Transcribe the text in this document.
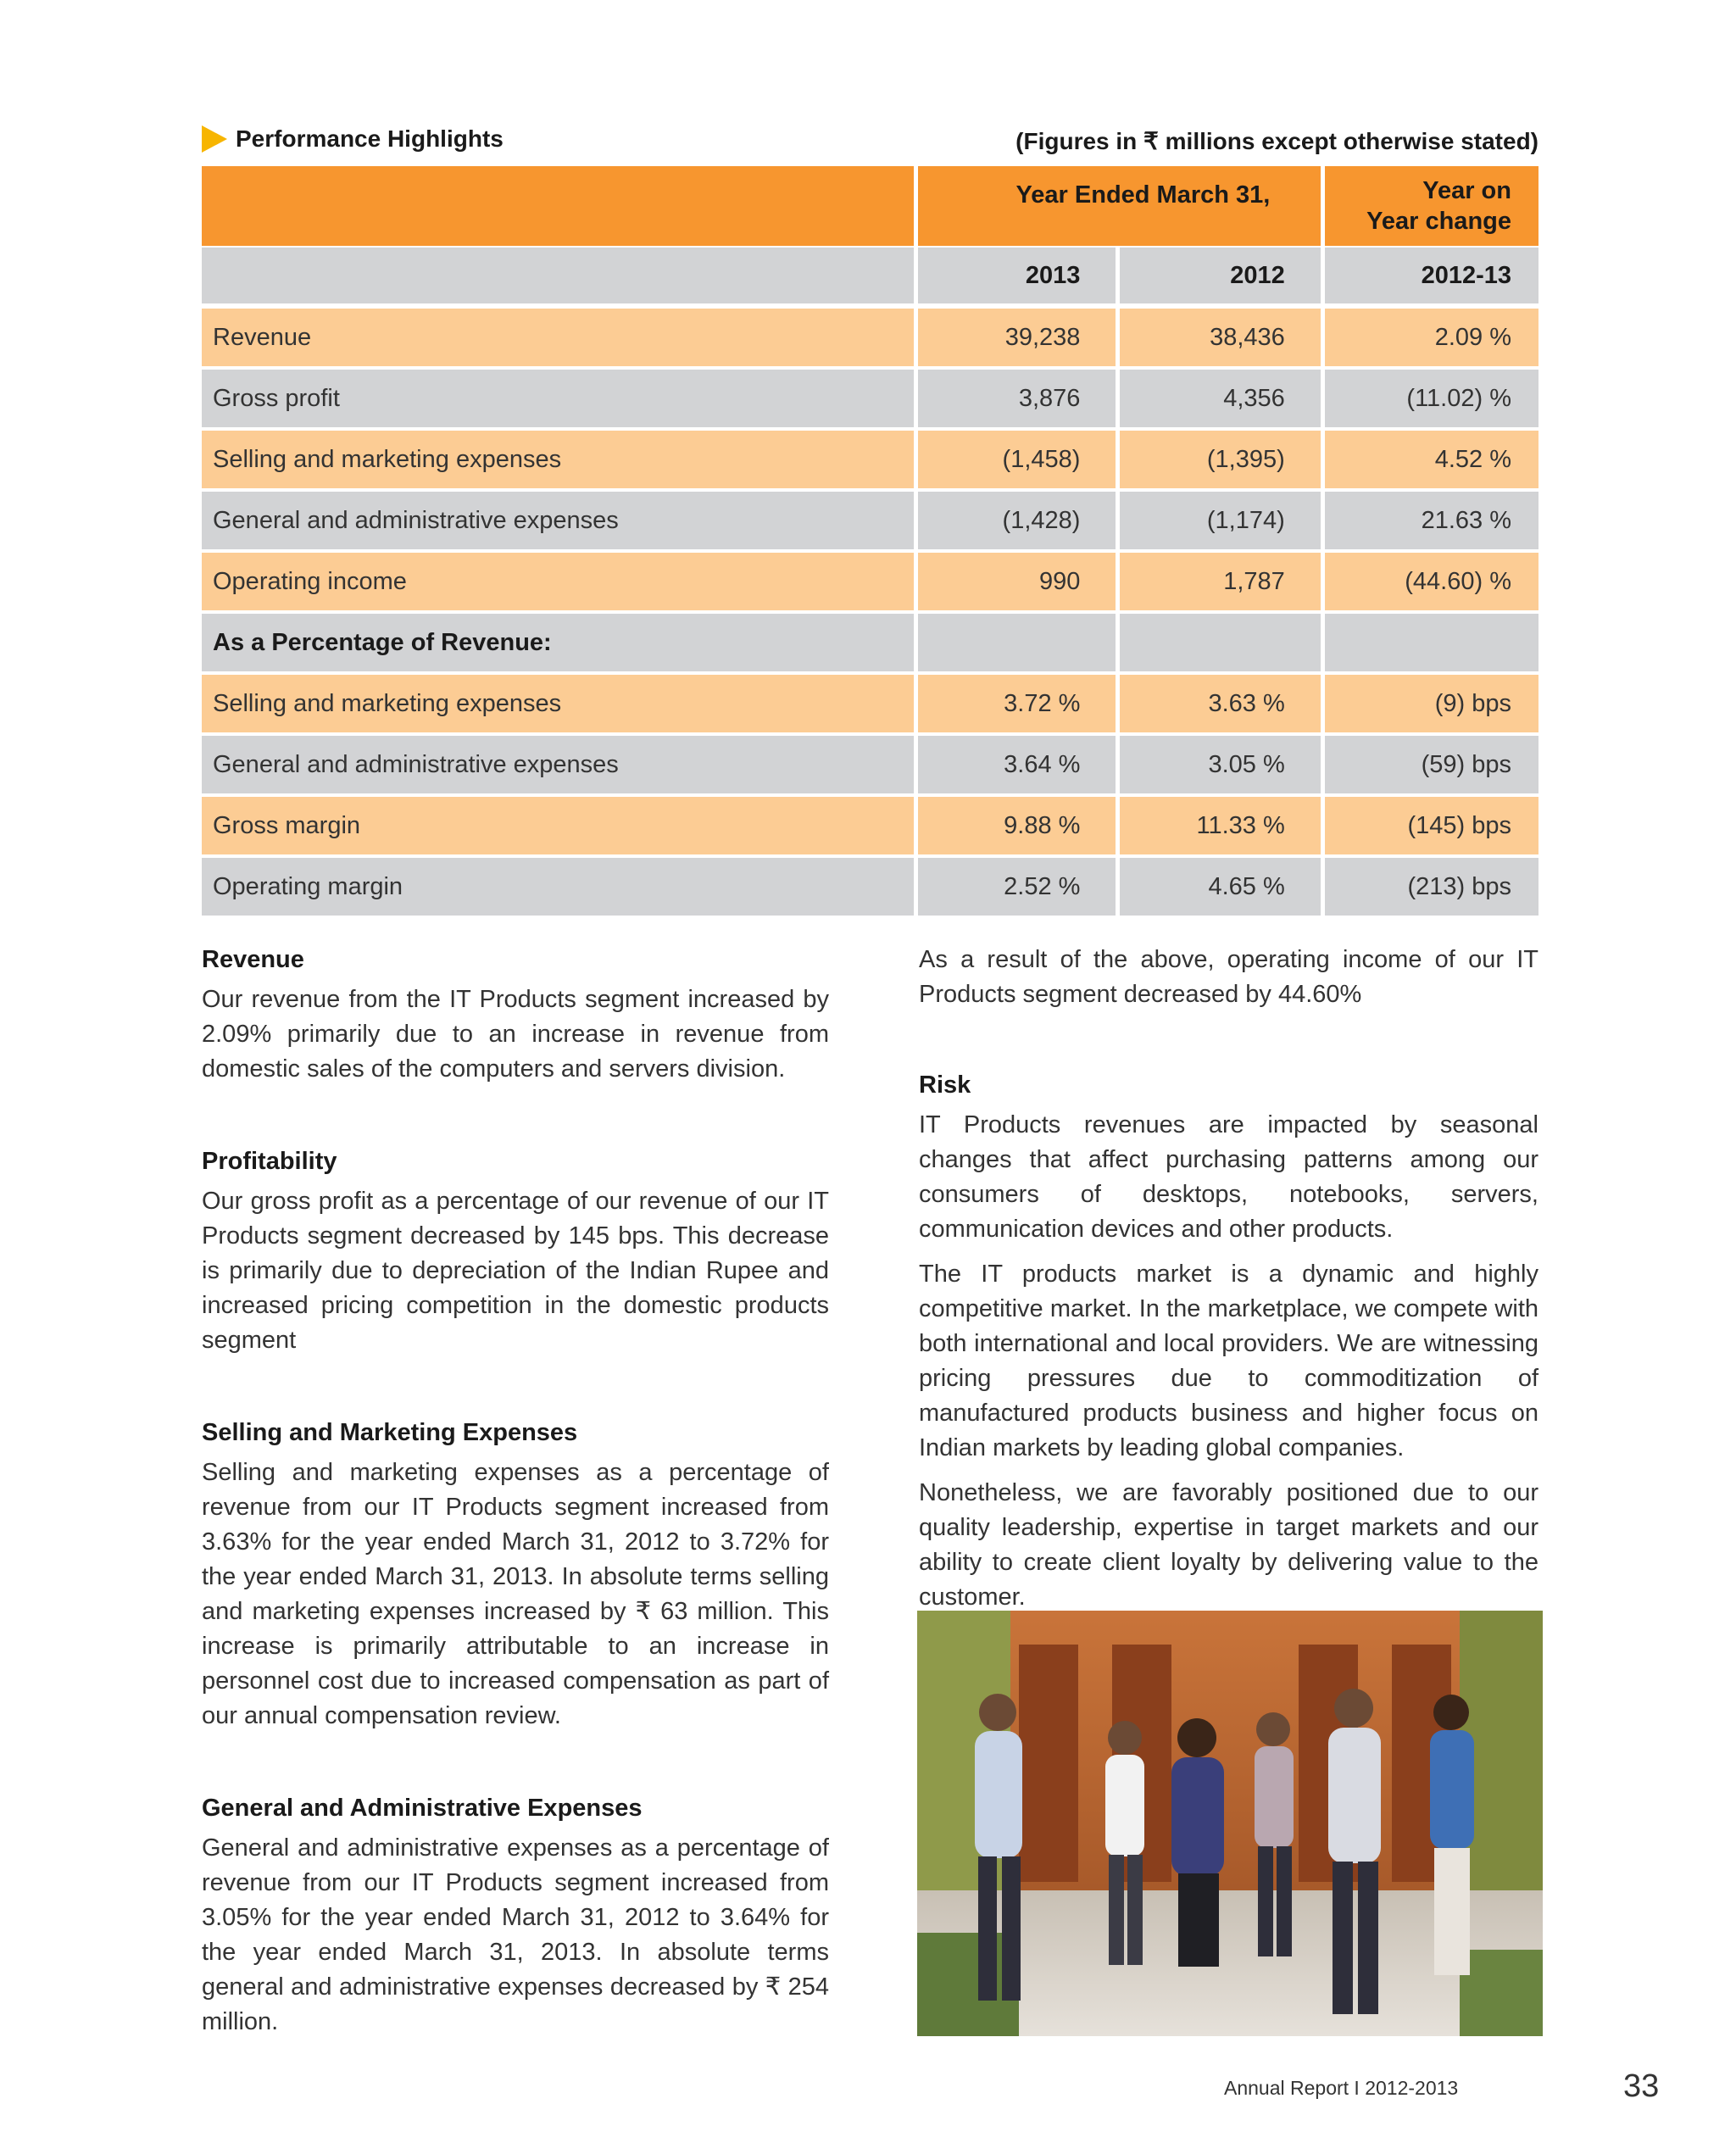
Performance Highlights	(Figures in ₹ millions except otherwise stated)
Year Ended March 31,	Year on
Year change
2013	2012	2012-13
Revenue	39,238	38,436	2.09 %
Gross profit	3,876	4,356	(11.02) %
Selling and marketing expenses	(1,458)	(1,395)	4.52 %
General and administrative expenses	(1,428)	(1,174)	21.63 %
Operating income	990	1,787	(44.60) %
As a Percentage of Revenue:
Selling and marketing expenses	3.72 %	3.63 %	(9) bps
General and administrative expenses	3.64 %	3.05 %	(59) bps
Gross margin	9.88 %	11.33 %	(145) bps
Operating margin	2.52 %	4.65 %	(213) bps
Revenue

Our revenue from the IT Products segment increased by 2.09% primarily due to an increase in revenue from domestic sales of the computers and servers division.

Profitability

Our gross profit as a percentage of our revenue of our IT Products segment decreased by 145 bps. This decrease is primarily due to depreciation of the Indian Rupee and increased pricing competition in the domestic products segment

Selling and Marketing Expenses

Selling and marketing expenses as a percentage of revenue from our IT Products segment increased from 3.63% for the year ended March 31, 2012 to 3.72% for the year ended March 31, 2013. In absolute terms selling and marketing expenses increased by ₹ 63 million. This increase is primarily attributable to an increase in personnel cost due to increased compensation as part of our annual compensation review.

General and Administrative Expenses

General and administrative expenses as a percentage of revenue from our IT Products segment increased from 3.05% for the year ended March 31, 2012 to 3.64% for the year ended March 31, 2013. In absolute terms general and administrative expenses decreased by ₹ 254 million.

As a result of the above, operating income of our IT Products segment decreased by 44.60%

Risk

IT Products revenues are impacted by seasonal changes that affect purchasing patterns among our consumers of desktops, notebooks, servers, communication devices and other products.

The IT products market is a dynamic and highly competitive market. In the marketplace, we compete with both international and local providers. We are witnessing pricing pressures due to commoditization of manufactured products business and higher focus on Indian markets by leading global companies.

Nonetheless, we are favorably positioned due to our quality leadership, expertise in target markets and our ability to create client loyalty by delivering value to the customer.

Annual Report I 2012-2013	33
